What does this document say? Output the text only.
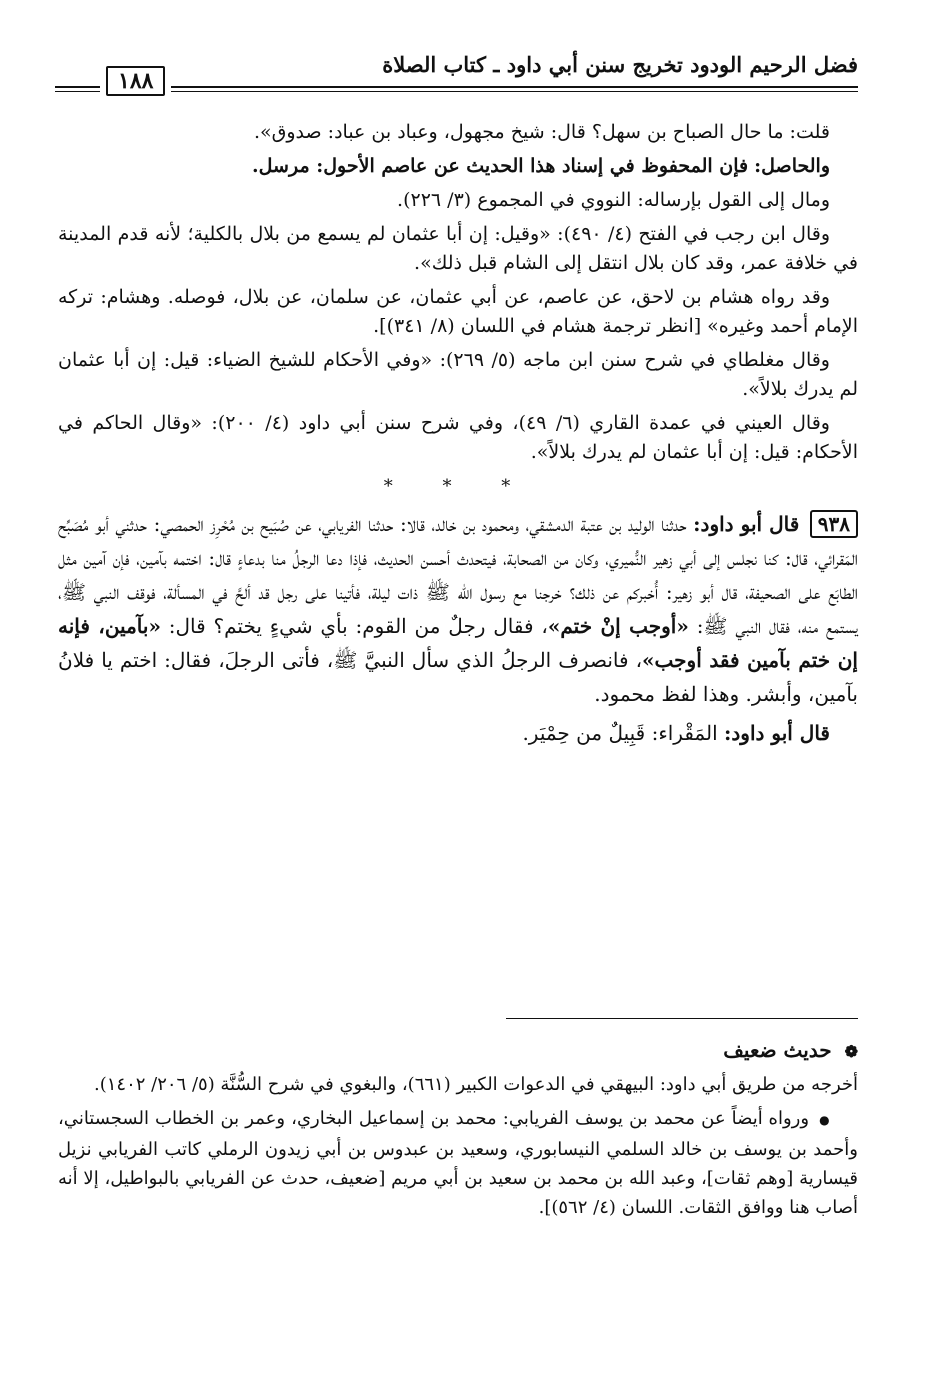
فضل الرحيم الودود تخريج سنن أبي داود ـ كتاب الصلاة
١٨٨

قلت: ما حال الصباح بن سهل؟ قال: شيخ مجهول، وعباد بن عباد: صدوق».

والحاصل: فإن المحفوظ في إسناد هذا الحديث عن عاصم الأحول: مرسل.

ومال إلى القول بإرساله: النووي في المجموع (٣/ ٢٢٦).

وقال ابن رجب في الفتح (٤/ ٤٩٠): «وقيل: إن أبا عثمان لم يسمع من بلال بالكلية؛ لأنه قدم المدينة في خلافة عمر، وقد كان بلال انتقل إلى الشام قبل ذلك».

وقد رواه هشام بن لاحق، عن عاصم، عن أبي عثمان، عن سلمان، عن بلال، فوصله. وهشام: تركه الإمام أحمد وغيره» [انظر ترجمة هشام في اللسان (٨/ ٣٤١)].

وقال مغلطاي في شرح سنن ابن ماجه (٥/ ٢٦٩): «وفي الأحكام للشيخ الضياء: قيل: إن أبا عثمان لم يدرك بلالاً».

وقال العيني في عمدة القاري (٦/ ٤٩)، وفي شرح سنن أبي داود (٤/ ٢٠٠): «وقال الحاكم في الأحكام: قيل: إن أبا عثمان لم يدرك بلالاً».

* * *

٩٣٨ قال أبو داود: حدثنا الوليد بن عتبة الدمشقي، ومحمود بن خالد، قالا: حدثنا الفريابي، عن صُبَيح بن مُحْرِز الحمصي: حدثني أبو مُصَبِّح المَقرائي، قال: كنا نجلس إلى أبي زهير النُّميري، وكان من الصحابة، فيتحدث أحسن الحديث، فإذا دعا الرجلُ منا بدعاءٍ قال: اختمه بآمين، فإن آمين مثل الطابَع على الصحيفة، قال أبو زهير: أُخبركم عن ذلك؟ خرجنا مع رسول الله ﷺ ذات ليلة، فأتينا على رجل قد ألحَّ في المسألة، فوقف النبي ﷺ، يستمع منه، فقال النبي ﷺ: «أوجب إنْ ختم»، فقال رجلٌ من القوم: بأي شيءٍ يختم؟ قال: «بآمين، فإنه إن ختم بآمين فقد أوجب»، فانصرف الرجلُ الذي سأل النبيَّ ﷺ، فأتى الرجلَ، فقال: اختم يا فلانُ بآمين، وأبشر. وهذا لفظ محمود.

قال أبو داود: المَقْراء: قَبِيلٌ من حِمْيَر.

❁ حديث ضعيف

أخرجه من طريق أبي داود: البيهقي في الدعوات الكبير (٦٦١)، والبغوي في شرح السُّنَّة (٥/ ٢٠٦/ ١٤٠٢).

● ورواه أيضاً عن محمد بن يوسف الفريابي: محمد بن إسماعيل البخاري، وعمر بن الخطاب السجستاني، وأحمد بن يوسف بن خالد السلمي النيسابوري، وسعيد بن عبدوس بن أبي زيدون الرملي كاتب الفريابي نزيل قيسارية [وهم ثقات]، وعبد الله بن محمد بن سعيد بن أبي مريم [ضعيف، حدث عن الفريابي بالبواطيل، إلا أنه أصاب هنا ووافق الثقات. اللسان (٤/ ٥٦٢)].
